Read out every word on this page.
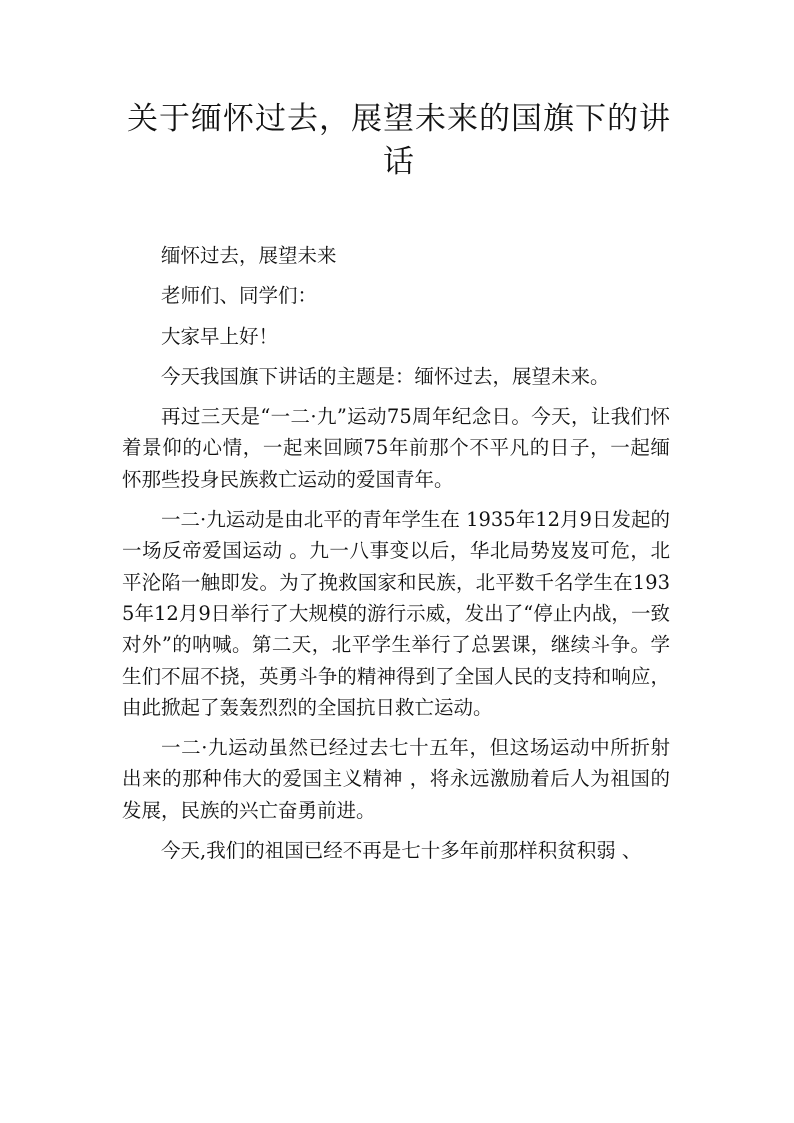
关于缅怀过去，展望未来的国旗下的讲话

缅怀过去，展望未来

老师们、同学们：

大家早上好！

今天我国旗下讲话的主题是：缅怀过去，展望未来。

再过三天是“一二·九”运动75周年纪念日。今天，让我们怀着景仰的心情，一起来回顾75年前那个不平凡的日子，一起缅怀那些投身民族救亡运动的爱国青年。

一二·九运动是由北平的青年学生在 1935年12月9日发起的一场反帝爱国运动 。九一八事变以后，华北局势岌岌可危，北平沦陷一触即发。为了挽救国家和民族，北平数千名学生在1935年12月9日举行了大规模的游行示威，发出了“停止内战，一致对外”的呐喊。第二天，北平学生举行了总罢课，继续斗争。学生们不屈不挠，英勇斗争的精神得到了全国人民的支持和响应，由此掀起了轰轰烈烈的全国抗日救亡运动。

一二·九运动虽然已经过去七十五年，但这场运动中所折射出来的那种伟大的爱国主义精神 ，将永远激励着后人为祖国的发展，民族的兴亡奋勇前进。

今天,我们的祖国已经不再是七十多年前那样积贫积弱 、
